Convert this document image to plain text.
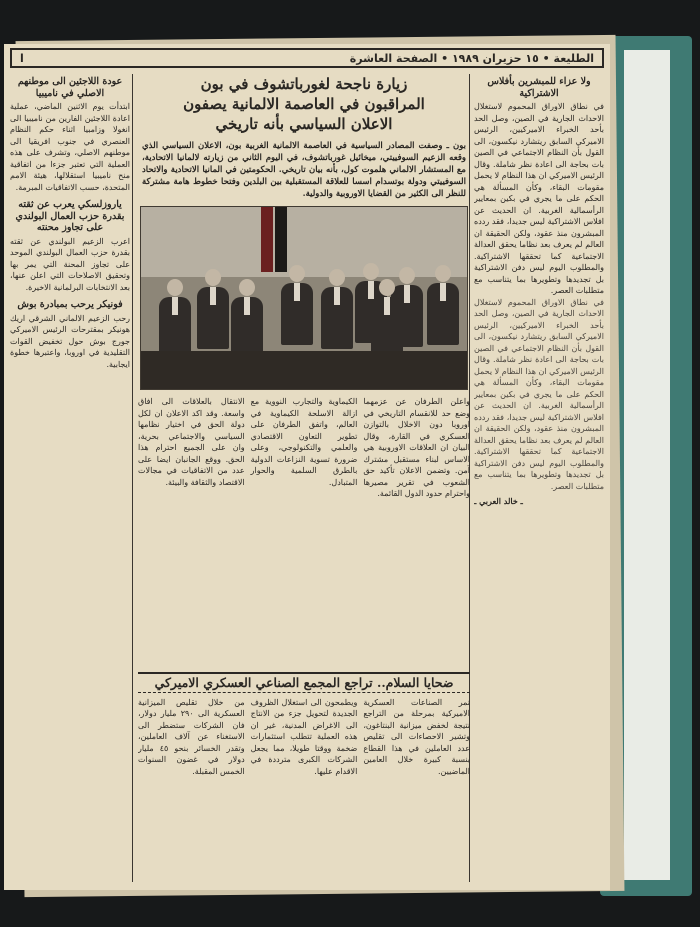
الطليعة • ١٥ حزيران ١٩٨٩ • الصفحة العاشرة
ا
ولا عزاء للمبشرين بأفلاس الاشتراكية
في نطاق الاوراق المحموم لاستغلال الاحداث الجارية في الصين، وصل الحد بأحد الخبراء الاميركيين، الرئيس الاميركي السابق ريتشارد نيكسون، الى القول بأن النظام الاجتماعي في الصين بات بحاجة الى اعادة نظر شاملة. وقال الرئيس الاميركي ان هذا النظام لا يحمل مقومات البقاء، وكأن المسألة هي الحكم على ما يجري في بكين بمعايير الرأسمالية الغربية. ان الحديث عن افلاس الاشتراكية ليس جديدا، فقد ردده المبشرون منذ عقود، ولكن الحقيقة ان العالم لم يعرف بعد نظاما يحقق العدالة الاجتماعية كما تحققها الاشتراكية. والمطلوب اليوم ليس دفن الاشتراكية بل تجديدها وتطويرها بما يتناسب مع متطلبات العصر.
في نطاق الاوراق المحموم لاستغلال الاحداث الجارية في الصين، وصل الحد بأحد الخبراء الاميركيين، الرئيس الاميركي السابق ريتشارد نيكسون، الى القول بأن النظام الاجتماعي في الصين بات بحاجة الى اعادة نظر شاملة. وقال الرئيس الاميركي ان هذا النظام لا يحمل مقومات البقاء، وكأن المسألة هي الحكم على ما يجري في بكين بمعايير الرأسمالية الغربية. ان الحديث عن افلاس الاشتراكية ليس جديدا، فقد ردده المبشرون منذ عقود، ولكن الحقيقة ان العالم لم يعرف بعد نظاما يحقق العدالة الاجتماعية كما تحققها الاشتراكية. والمطلوب اليوم ليس دفن الاشتراكية بل تجديدها وتطويرها بما يتناسب مع متطلبات العصر.
ـ خالد العربي ـ
زيارة ناجحة لغورباتشوف في بون
المراقبون في العاصمة الالمانية يصفون
الاعلان السياسي بأنه تاريخي
بون ـ وصفت المصادر السياسية في العاصمة الالمانية الغربية بون، الاعلان السياسي الذي وقعه الزعيم السوفييتي، ميخائيل غورباتشوف، في اليوم الثاني من زيارته لالمانيا الاتحادية، مع المستشار الالماني هلموت كول، بأنه بيان تاريخي. الحكومتين في المانيا الاتحادية والاتحاد السوفييتي ودولة بوتسدام اسسا للعلاقة المستقبلية بين البلدين وفتحا خطوط هامة مشتركة للنظر الى الكثير من القضايا الاوروبية والدولية.
واعلن الطرفان عن عزمهما وضع حد للانقسام التاريخي في اوروبا دون الاخلال بالتوازن العسكري في القارة، وقال البيان ان العلاقات الاوروبية هي الاساس لبناء مستقبل مشترك آمن. وتضمن الاعلان تأكيد حق الشعوب في تقرير مصيرها واحترام حدود الدول القائمة.
الكيماوية والتجارب النووية مع ازالة الاسلحة الكيماوية في العالم، واتفق الطرفان على تطوير التعاون الاقتصادي والعلمي والتكنولوجي، وعلى ضرورة تسوية النزاعات الدولية بالطرق السلمية والحوار المتبادل.
الانتقال بالعلاقات الى افاق واسعة. وقد اكد الاعلان ان لكل دولة الحق في اختيار نظامها السياسي والاجتماعي بحرية، وان على الجميع احترام هذا الحق. ووقع الجانبان ايضا على عدد من الاتفاقيات في مجالات الاقتصاد والثقافة والبيئة.
ضحايا السلام.. تراجع المجمع الصناعي العسكري الاميركي
تمر الصناعات العسكرية الاميركية بمرحلة من التراجع نتيجة لخفض ميزانية البنتاغون، وتشير الاحصاءات الى تقليص عدد العاملين في هذا القطاع بنسبة كبيرة خلال العامين الماضيين.
ويطمحون الى استغلال الظروف الجديدة لتحويل جزء من الانتاج الى الاغراض المدنية، غير ان هذه العملية تتطلب استثمارات ضخمة ووقتا طويلا، مما يجعل الشركات الكبرى مترددة في الاقدام عليها.
من خلال تقليص الميزانية العسكرية الى ٢٩٠ مليار دولار، فان الشركات ستضطر الى الاستغناء عن آلاف العاملين، وتقدر الخسائر بنحو ٤٥ مليار دولار في غضون السنوات الخمس المقبلة.
عودة اللاجئين الى موطنهم الاصلي في ناميبيا
ابتدأت يوم الاثنين الماضي، عملية اعادة اللاجئين الفارين من ناميبيا الى انغولا وزامبيا اثناء حكم النظام العنصري في جنوب افريقيا الى موطنهم الاصلي، وتشرف على هذه العملية التي تعتبر جزءا من اتفاقية منح ناميبيا استقلالها، هيئة الامم المتحدة، حسب الاتفاقيات المبرمة.
ياروزلسكي يعرب عن ثقته بقدرة حزب العمال البولندي على تجاوز محنته
اعرب الزعيم البولندي عن ثقته بقدرة حزب العمال البولندي الموحد على تجاوز المحنة التي يمر بها وتحقيق الاصلاحات التي اعلن عنها، بعد الانتخابات البرلمانية الاخيرة.
فونيكر يرحب بمبادرة بوش
رحب الزعيم الالماني الشرقي اريك هونيكر بمقترحات الرئيس الاميركي جورج بوش حول تخفيض القوات التقليدية في اوروبا، واعتبرها خطوة ايجابية.
